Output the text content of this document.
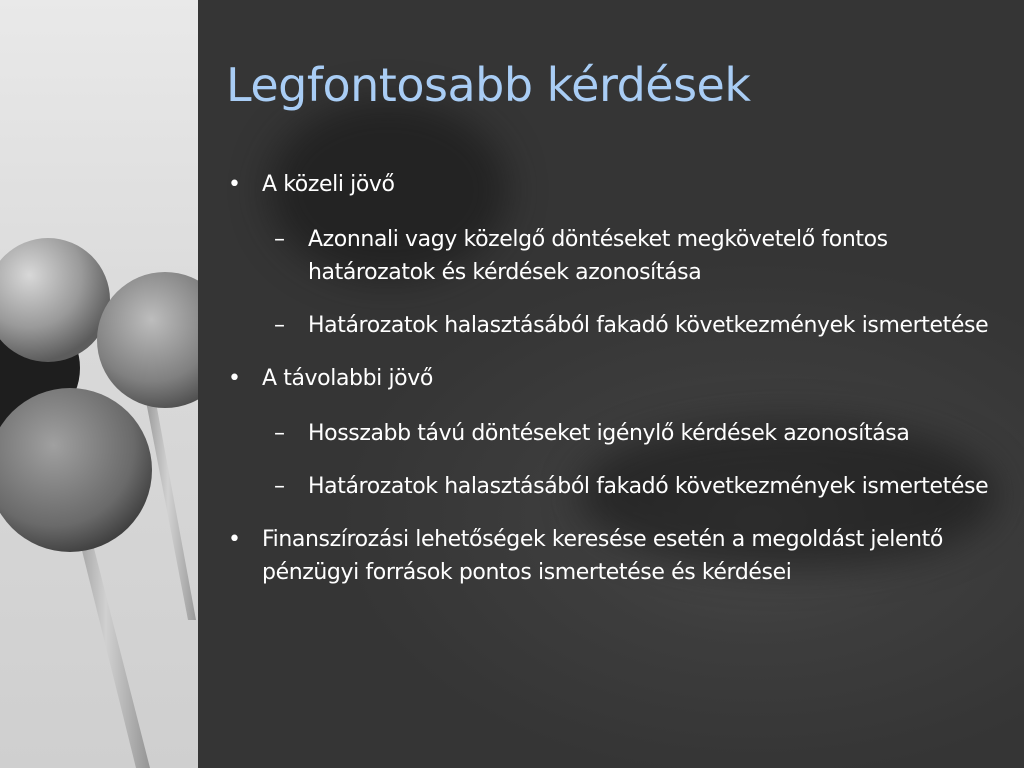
Legfontosabb kérdések
• A közeli jövő
– Azonnali vagy közelgő döntéseket megkövetelő fontos határozatok és kérdések azonosítása
– Határozatok halasztásából fakadó következmények ismertetése
• A távolabbi jövő
– Hosszabb távú döntéseket igénylő kérdések azonosítása
– Határozatok halasztásából fakadó következmények ismertetése
• Finanszírozási lehetőségek keresése esetén a megoldást jelentő pénzügyi források pontos ismertetése és kérdései
